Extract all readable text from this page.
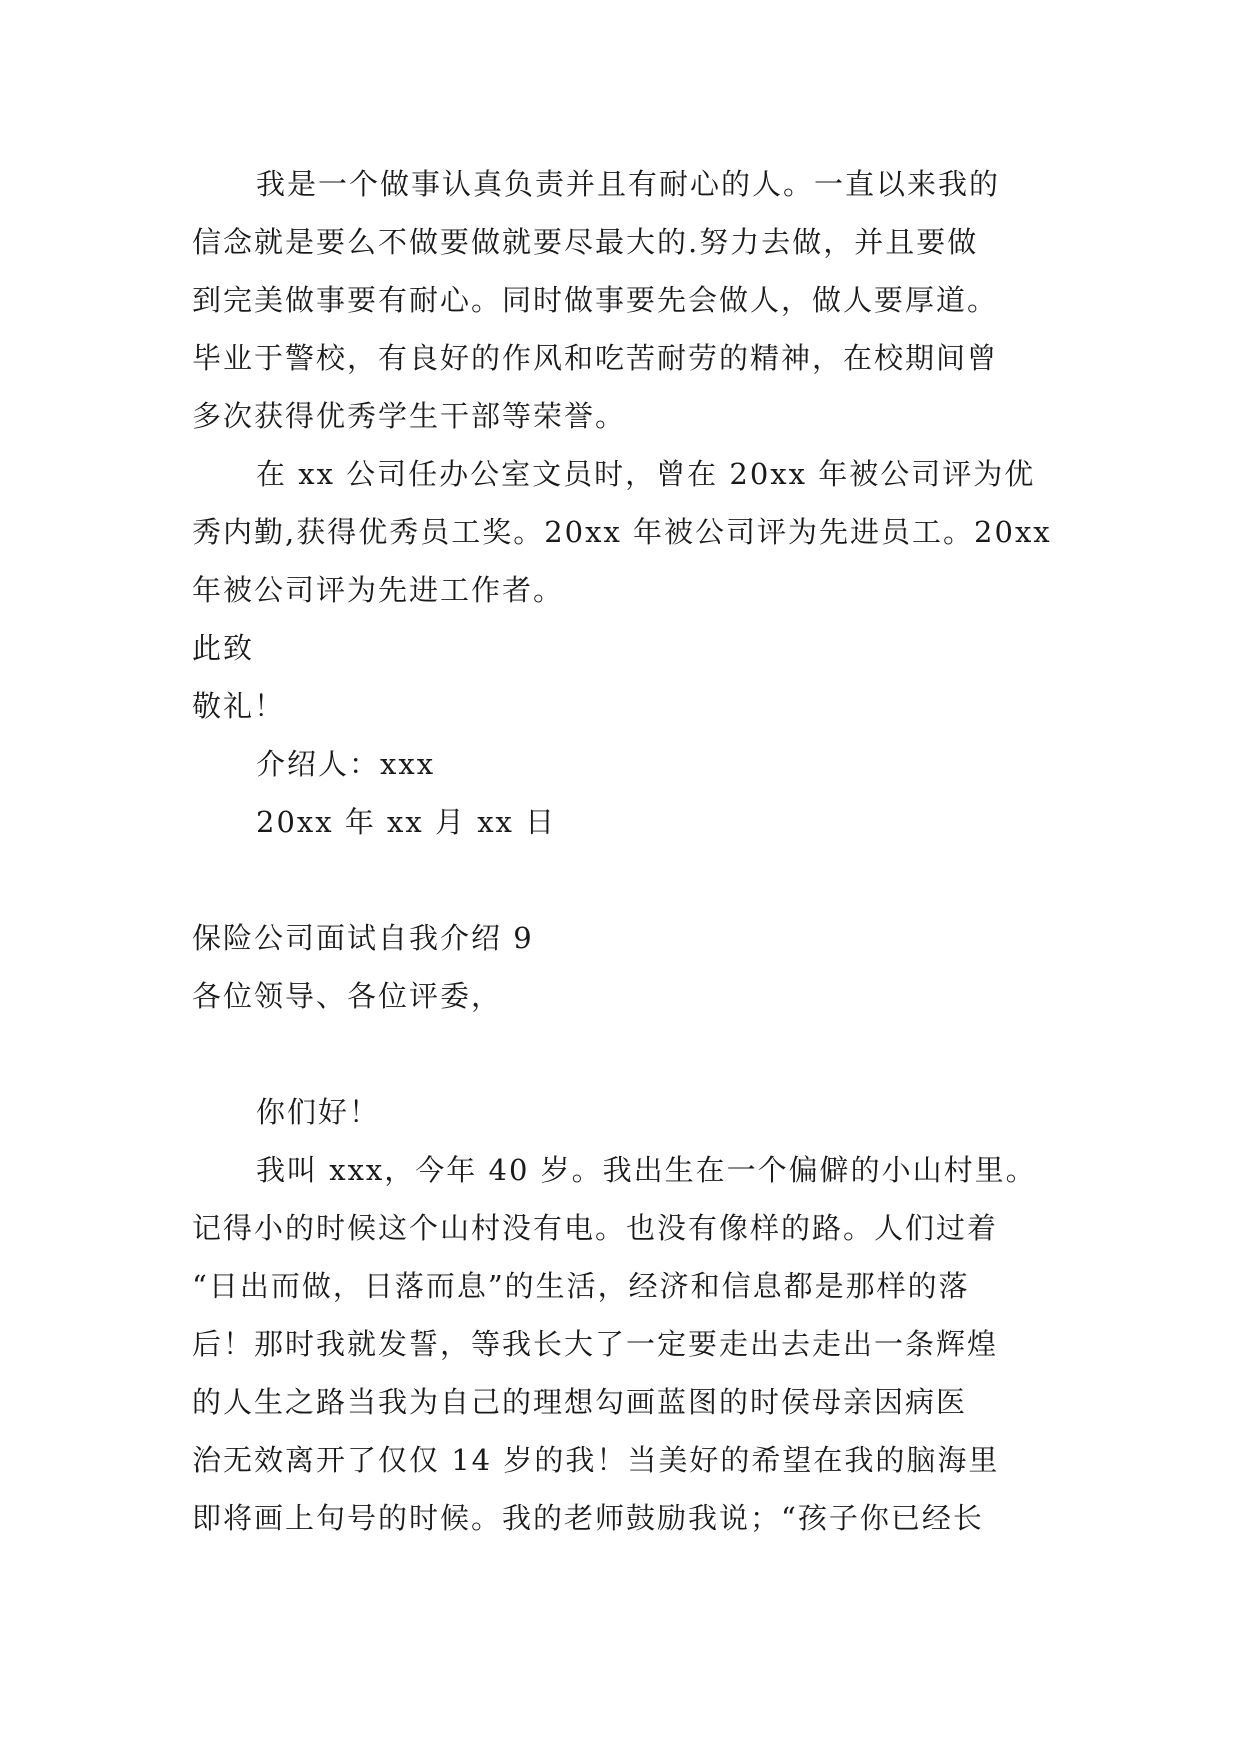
我是一个做事认真负责并且有耐心的人。一直以来我的
信念就是要么不做要做就要尽最大的.努力去做，并且要做
到完美做事要有耐心。同时做事要先会做人，做人要厚道。
毕业于警校，有良好的作风和吃苦耐劳的精神，在校期间曾
多次获得优秀学生干部等荣誉。
在 xx 公司任办公室文员时，曾在 20xx 年被公司评为优
秀内勤,获得优秀员工奖。20xx 年被公司评为先进员工。20xx
年被公司评为先进工作者。
此致
敬礼！
介绍人：xxx
20xx 年 xx 月 xx 日
保险公司面试自我介绍 9
各位领导、各位评委，
你们好！
我叫 xxx，今年 40 岁。我出生在一个偏僻的小山村里。
记得小的时候这个山村没有电。也没有像样的路。人们过着
“日出而做，日落而息”的生活，经济和信息都是那样的落
后！那时我就发誓，等我长大了一定要走出去走出一条辉煌
的人生之路当我为自己的理想勾画蓝图的时侯母亲因病医
治无效离开了仅仅 14 岁的我！当美好的希望在我的脑海里
即将画上句号的时候。我的老师鼓励我说；“孩子你已经长
